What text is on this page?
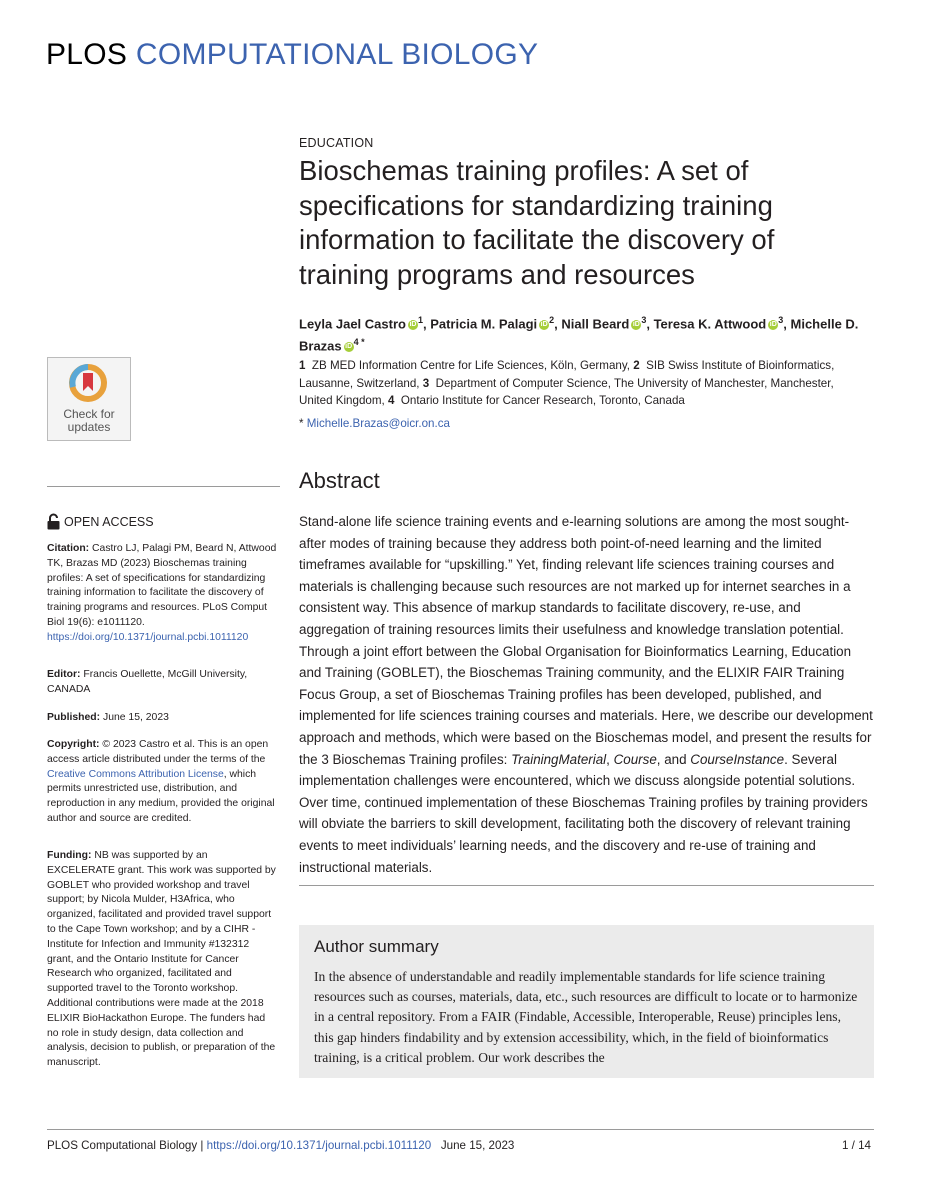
PLOS COMPUTATIONAL BIOLOGY
EDUCATION
Bioschemas training profiles: A set of specifications for standardizing training information to facilitate the discovery of training programs and resources
Leyla Jael Castro iD $^1$, Patricia M. Palagi iD $^2$, Niall Beard iD $^3$, Teresa K. Attwood iD $^3$, Michelle D. Brazas iD $^{4 *}$
1 ZB MED Information Centre for Life Sciences, Köln, Germany, 2 SIB Swiss Institute of Bioinformatics, Lausanne, Switzerland, 3 Department of Computer Science, The University of Manchester, Manchester, United Kingdom, 4 Ontario Institute for Cancer Research, Toronto, Canada
* Michelle.Brazas@oicr.on.ca
Abstract

Stand-alone life science training events and e-learning solutions are among the most sought-after modes of training because they address both point-of-need learning and the limited timeframes available for “upskilling.” Yet, finding relevant life sciences training courses and materials is challenging because such resources are not marked up for internet searches in a consistent way. This absence of markup standards to facilitate discovery, re-use, and aggregation of training resources limits their usefulness and knowledge translation potential. Through a joint effort between the Global Organisation for Bioinformatics Learning, Education and Training (GOBLET), the Bioschemas Training community, and the ELIXIR FAIR Training Focus Group, a set of Bioschemas Training profiles has been developed, published, and implemented for life sciences training courses and materials. Here, we describe our development approach and methods, which were based on the Bioschemas model, and present the results for the 3 Bioschemas Training profiles: TrainingMaterial, Course, and CourseInstance. Several implementation challenges were encountered, which we discuss alongside potential solutions. Over time, continued implementation of these Bioschemas Training profiles by training providers will obviate the barriers to skill development, facilitating both the discovery of relevant training events to meet individuals’ learning needs, and the discovery and re-use of training and instructional materials.

Author summary
In the absence of understandable and readily implementable standards for life science training resources such as courses, materials, data, etc., such resources are difficult to locate or to harmonize in a central repository. From a FAIR (Findable, Accessible, Interoperable, Reuse) principles lens, this gap hinders findability and by extension accessibility, which, in the field of bioinformatics training, is a critical problem. Our work describes the
Check for
updates
OPEN ACCESS
Citation: Castro LJ, Palagi PM, Beard N, Attwood TK, Brazas MD (2023) Bioschemas training profiles: A set of specifications for standardizing training information to facilitate the discovery of training programs and resources. PLoS Comput Biol 19(6): e1011120. https://doi.org/10.1371/journal.pcbi.1011120
Editor: Francis Ouellette, McGill University, CANADA
Published: June 15, 2023
Copyright: © 2023 Castro et al. This is an open access article distributed under the terms of the Creative Commons Attribution License, which permits unrestricted use, distribution, and reproduction in any medium, provided the original author and source are credited.
Funding: NB was supported by an EXCELERATE grant. This work was supported by GOBLET who provided workshop and travel support; by Nicola Mulder, H3Africa, who organized, facilitated and provided travel support to the Cape Town workshop; and by a CIHR - Institute for Infection and Immunity #132312 grant, and the Ontario Institute for Cancer Research who organized, facilitated and supported travel to the Toronto workshop. Additional contributions were made at the 2018 ELIXIR BioHackathon Europe. The funders had no role in study design, data collection and analysis, decision to publish, or preparation of the manuscript.
PLOS Computational Biology | https://doi.org/10.1371/journal.pcbi.1011120 June 15, 2023	1 / 14
